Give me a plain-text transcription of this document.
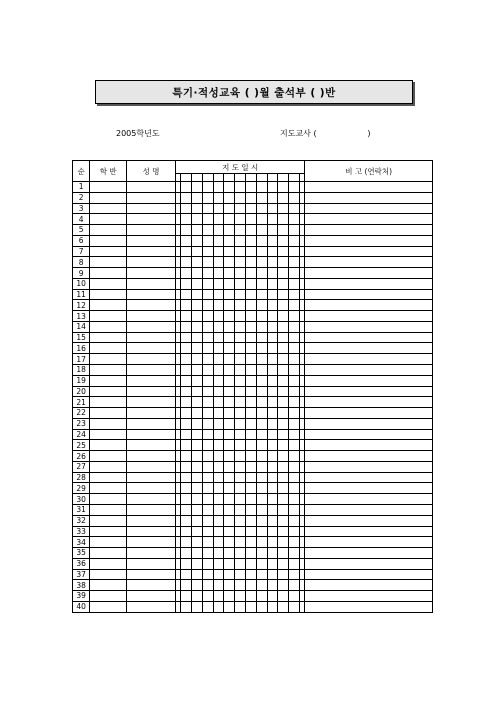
특기·적성교육 ( )월 출석부 ( )반
2005학년도	지도교사 (                    )
순	학 반	성 명	지 도 일 시													비 고 (연락처)

1																
2																
3																
4																
5																
6																
7																
8																
9																
10																
11																
12																
13																
14																
15																
16																
17																
18																
19																
20																
21																
22																
23																
24																
25																
26																
27																
28																
29																
30																
31																
32																
33																
34																
35																
36																
37																
38																
39																
40																
